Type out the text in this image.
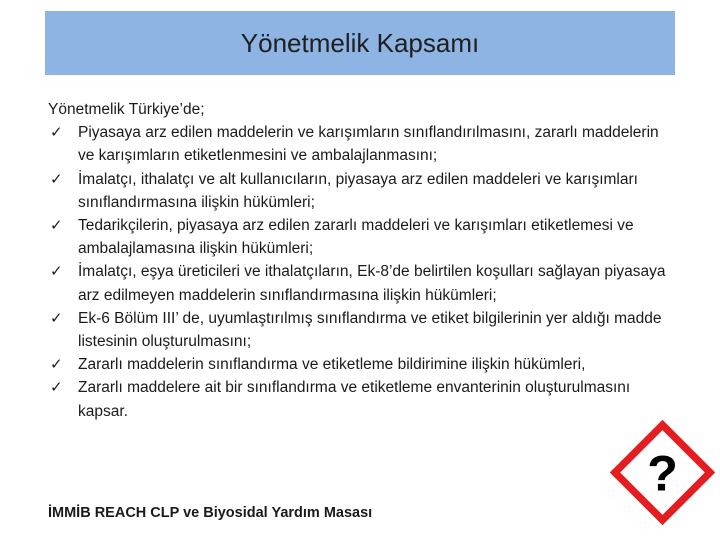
Yönetmelik Kapsamı

Yönetmelik Türkiye’de;

✓ Piyasaya arz edilen maddelerin ve karışımların sınıflandırılmasını, zararlı maddelerin ve karışımların etiketlenmesini ve ambalajlanmasını;
✓ İmalatçı, ithalatçı ve alt kullanıcıların, piyasaya arz edilen maddeleri ve karışımları sınıflandırmasına ilişkin hükümleri;
✓ Tedarikçilerin, piyasaya arz edilen zararlı maddeleri ve karışımları etiketlemesi ve ambalajlamasına ilişkin hükümleri;
✓ İmalatçı, eşya üreticileri ve ithalatçıların, Ek-8’de belirtilen koşulları sağlayan piyasaya arz edilmeyen maddelerin sınıflandırmasına ilişkin hükümleri;
✓ Ek-6 Bölüm III’ de, uyumlaştırılmış sınıflandırma ve etiket bilgilerinin yer aldığı madde listesinin oluşturulmasını;
✓ Zararlı maddelerin sınıflandırma ve etiketleme bildirimine ilişkin hükümleri,
✓ Zararlı maddelere ait bir sınıflandırma ve etiketleme envanterinin oluşturulmasını kapsar.
İMMİB REACH CLP ve Biyosidal Yardım Masası
?
